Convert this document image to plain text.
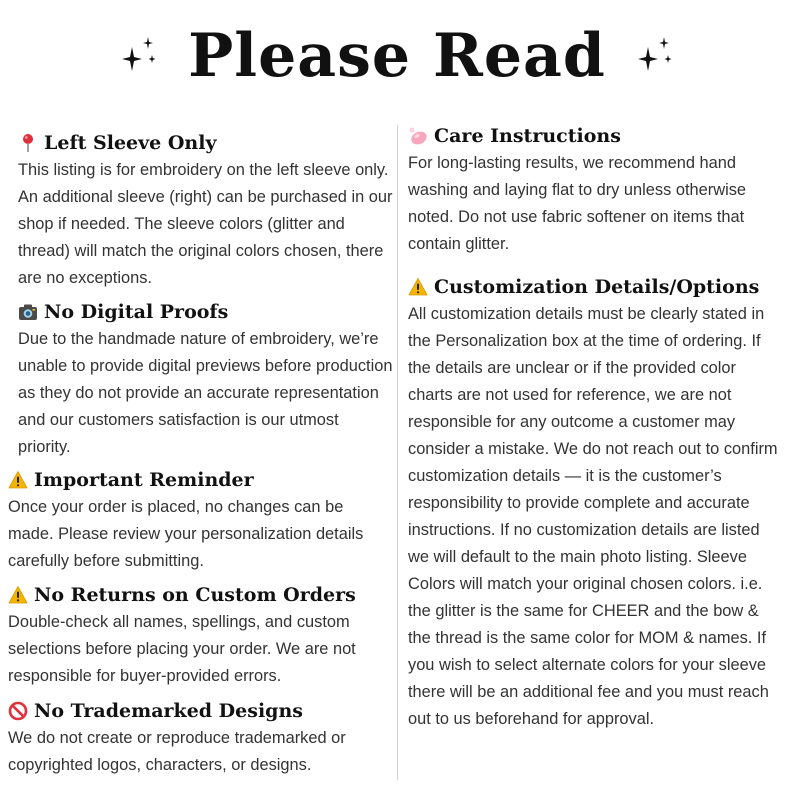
Please Read
Left Sleeve Only
This listing is for embroidery on the left sleeve only. An additional sleeve (right) can be purchased in our shop if needed. The sleeve colors (glitter and thread) will match the original colors chosen, there are no exceptions.
No Digital Proofs
Due to the handmade nature of embroidery, we’re unable to provide digital previews before production as they do not provide an accurate representation and our customers satisfaction is our utmost priority.
Important Reminder
Once your order is placed, no changes can be made. Please review your personalization details carefully before submitting.
No Returns on Custom Orders
Double-check all names, spellings, and custom selections before placing your order. We are not responsible for buyer-provided errors.
No Trademarked Designs
We do not create or reproduce trademarked or copyrighted logos, characters, or designs.
Care Instructions
For long-lasting results, we recommend hand washing and laying flat to dry unless otherwise noted. Do not use fabric softener on items that contain glitter.
Customization Details/Options
All customization details must be clearly stated in the Personalization box at the time of ordering. If the details are unclear or if the provided color charts are not used for reference, we are not responsible for any outcome a customer may consider a mistake. We do not reach out to confirm customization details — it is the customer’s responsibility to provide complete and accurate instructions. If no customization details are listed we will default to the main photo listing. Sleeve Colors will match your original chosen colors. i.e. the glitter is the same for CHEER and the bow & the thread is the same color for MOM & names. If you wish to select alternate colors for your sleeve there will be an additional fee and you must reach out to us beforehand for approval.
